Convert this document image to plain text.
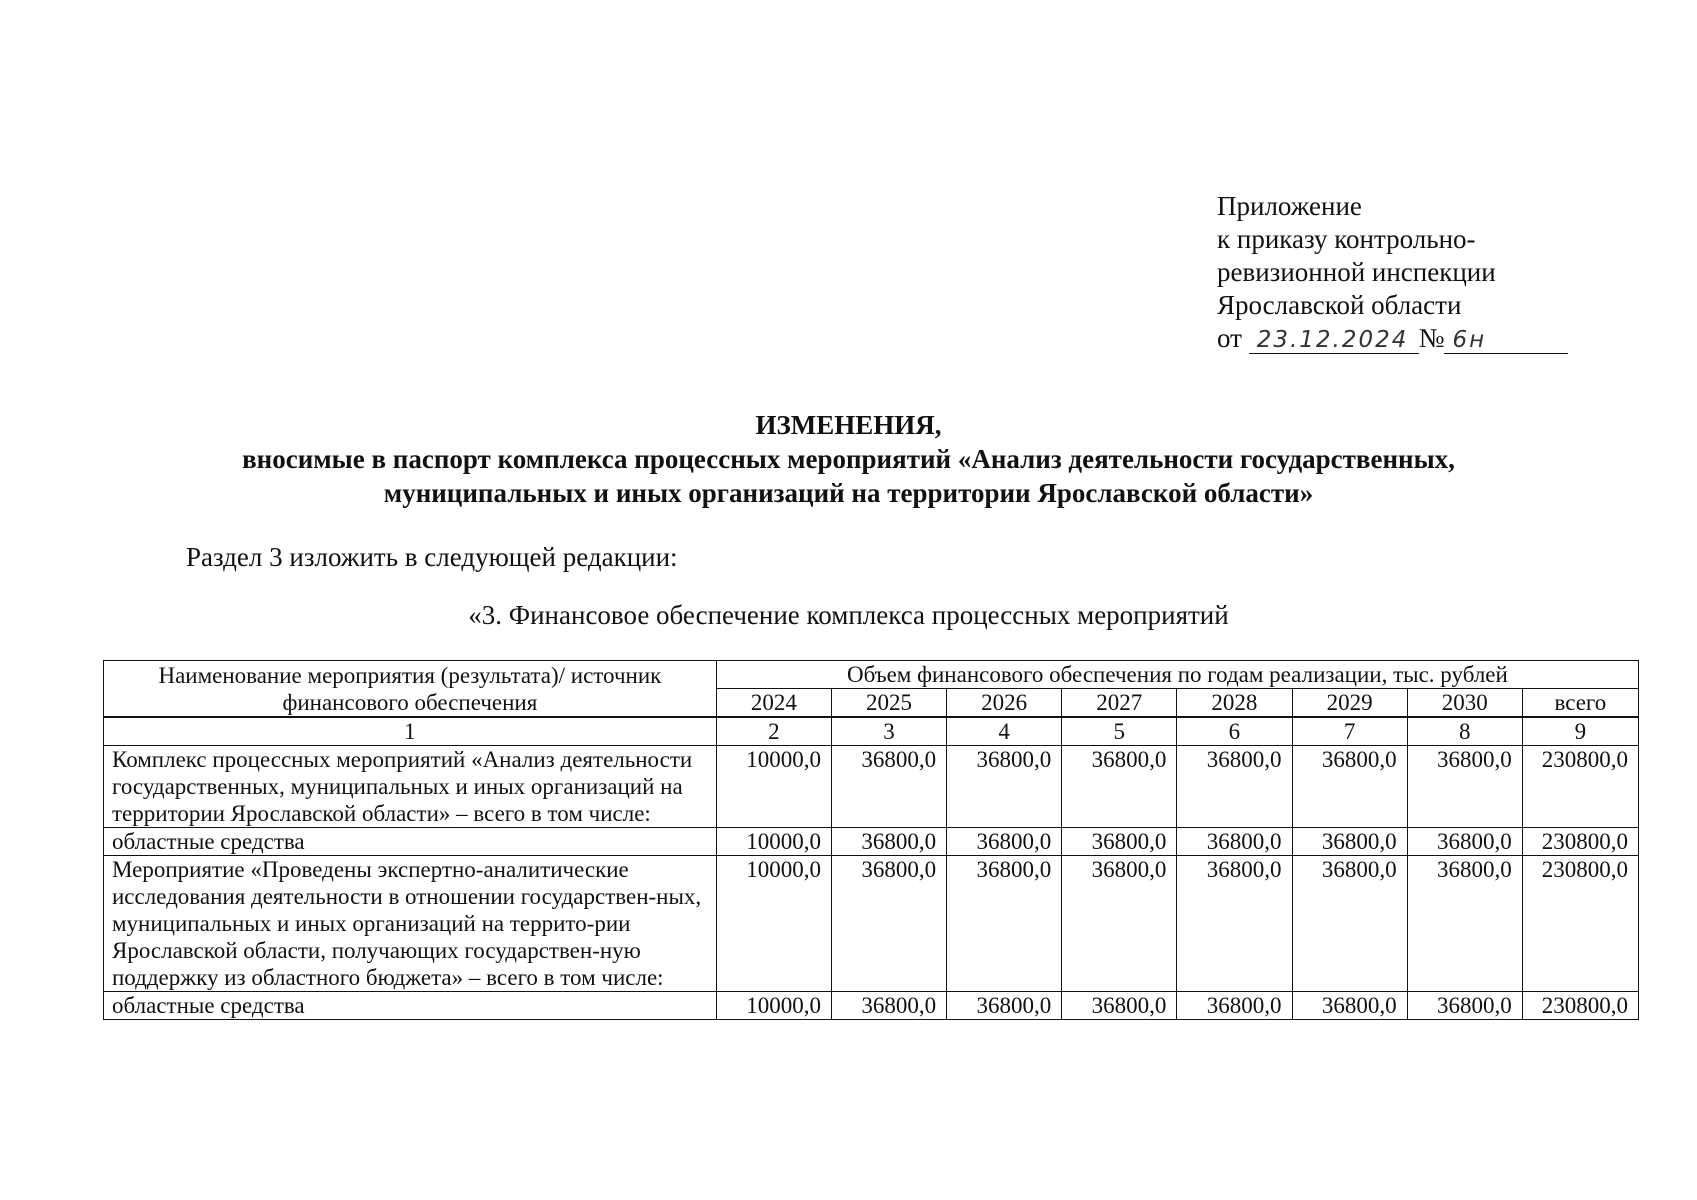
Приложение
к приказу контрольно-
ревизионной инспекции
Ярославской области
от 23.12.2024 № 6н
ИЗМЕНЕНИЯ,
вносимые в паспорт комплекса процессных мероприятий «Анализ деятельности государственных,
муниципальных и иных организаций на территории Ярославской области»
Раздел 3 изложить в следующей редакции:
«3. Финансовое обеспечение комплекса процессных мероприятий
Наименование мероприятия (результата)/ источник финансового обеспечения	Объем финансового обеспечения по годам реализации, тыс. рублей							
	2024	2025	2026	2027	2028	2029	2030	всего
1	2	3	4	5	6	7	8	9
Комплекс процессных мероприятий «Анализ деятельности государственных, муниципальных и иных организаций на территории Ярославской области» – всего в том числе:	10000,0	36800,0	36800,0	36800,0	36800,0	36800,0	36800,0	230800,0
областные средства	10000,0	36800,0	36800,0	36800,0	36800,0	36800,0	36800,0	230800,0
Мероприятие «Проведены экспертно-аналитические исследования деятельности в отношении государствен-ных, муниципальных и иных организаций на террито-рии Ярославской области, получающих государствен-ную поддержку из областного бюджета» – всего в том числе:	10000,0	36800,0	36800,0	36800,0	36800,0	36800,0	36800,0	230800,0
областные средства	10000,0	36800,0	36800,0	36800,0	36800,0	36800,0	36800,0	230800,0
